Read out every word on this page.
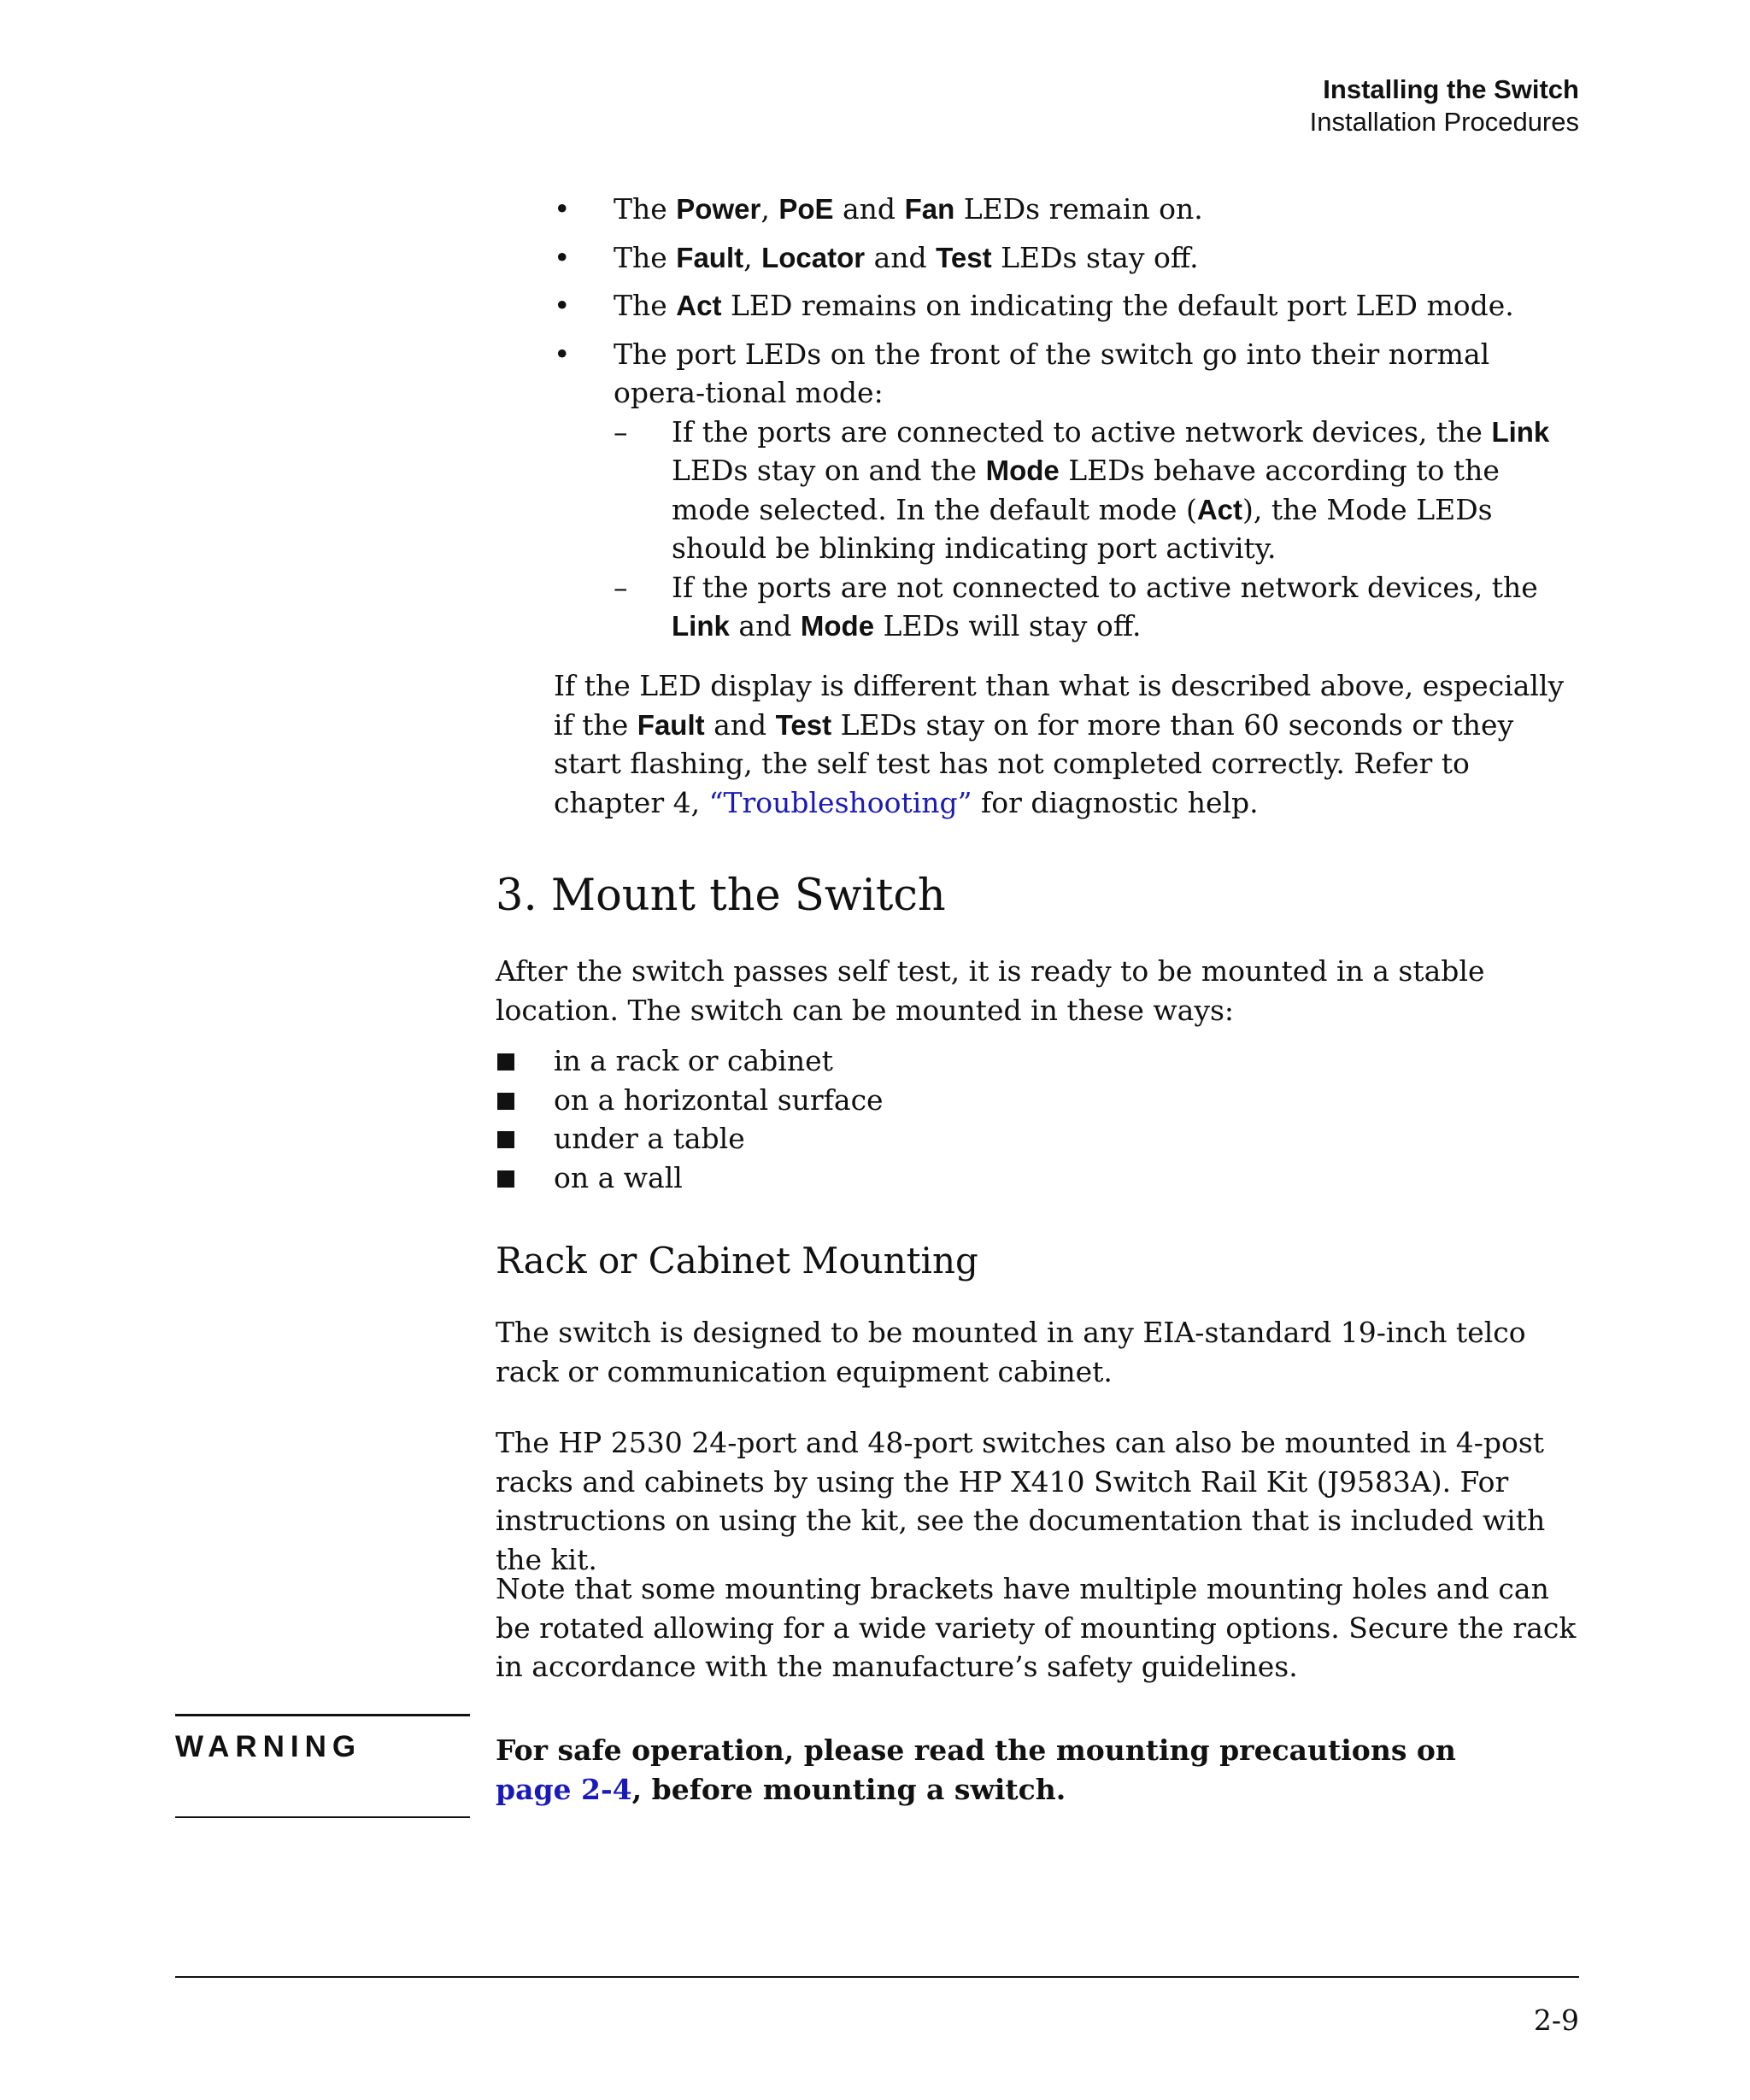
Installing the Switch
Installation Procedures
•	The Power, PoE and Fan LEDs remain on.
•	The Fault, Locator and Test LEDs stay off.
•	The Act LED remains on indicating the default port LED mode.
•	The port LEDs on the front of the switch go into their normal opera-tional mode:
– If the ports are connected to active network devices, the Link LEDs stay on and the Mode LEDs behave according to the mode selected. In the default mode (Act), the Mode LEDs should be blinking indicating port activity.
– If the ports are not connected to active network devices, the Link and Mode LEDs will stay off.

If the LED display is different than what is described above, especially if the Fault and Test LEDs stay on for more than 60 seconds or they start flashing, the self test has not completed correctly. Refer to chapter 4, “Troubleshooting” for diagnostic help.

3. Mount the Switch

After the switch passes self test, it is ready to be mounted in a stable location. The switch can be mounted in these ways:

in a rack or cabinet
on a horizontal surface
under a table
on a wall
Rack or Cabinet Mounting

The switch is designed to be mounted in any EIA-standard 19-inch telco rack or communication equipment cabinet.

The HP 2530 24-port and 48-port switches can also be mounted in 4-post racks and cabinets by using the HP X410 Switch Rail Kit (J9583A). For instructions on using the kit, see the documentation that is included with the kit.

Note that some mounting brackets have multiple mounting holes and can be rotated allowing for a wide variety of mounting options. Secure the rack in accordance with the manufacture’s safety guidelines.

WARNING	For safe operation, please read the mounting precautions on page 2-4, before mounting a switch.
2-9
